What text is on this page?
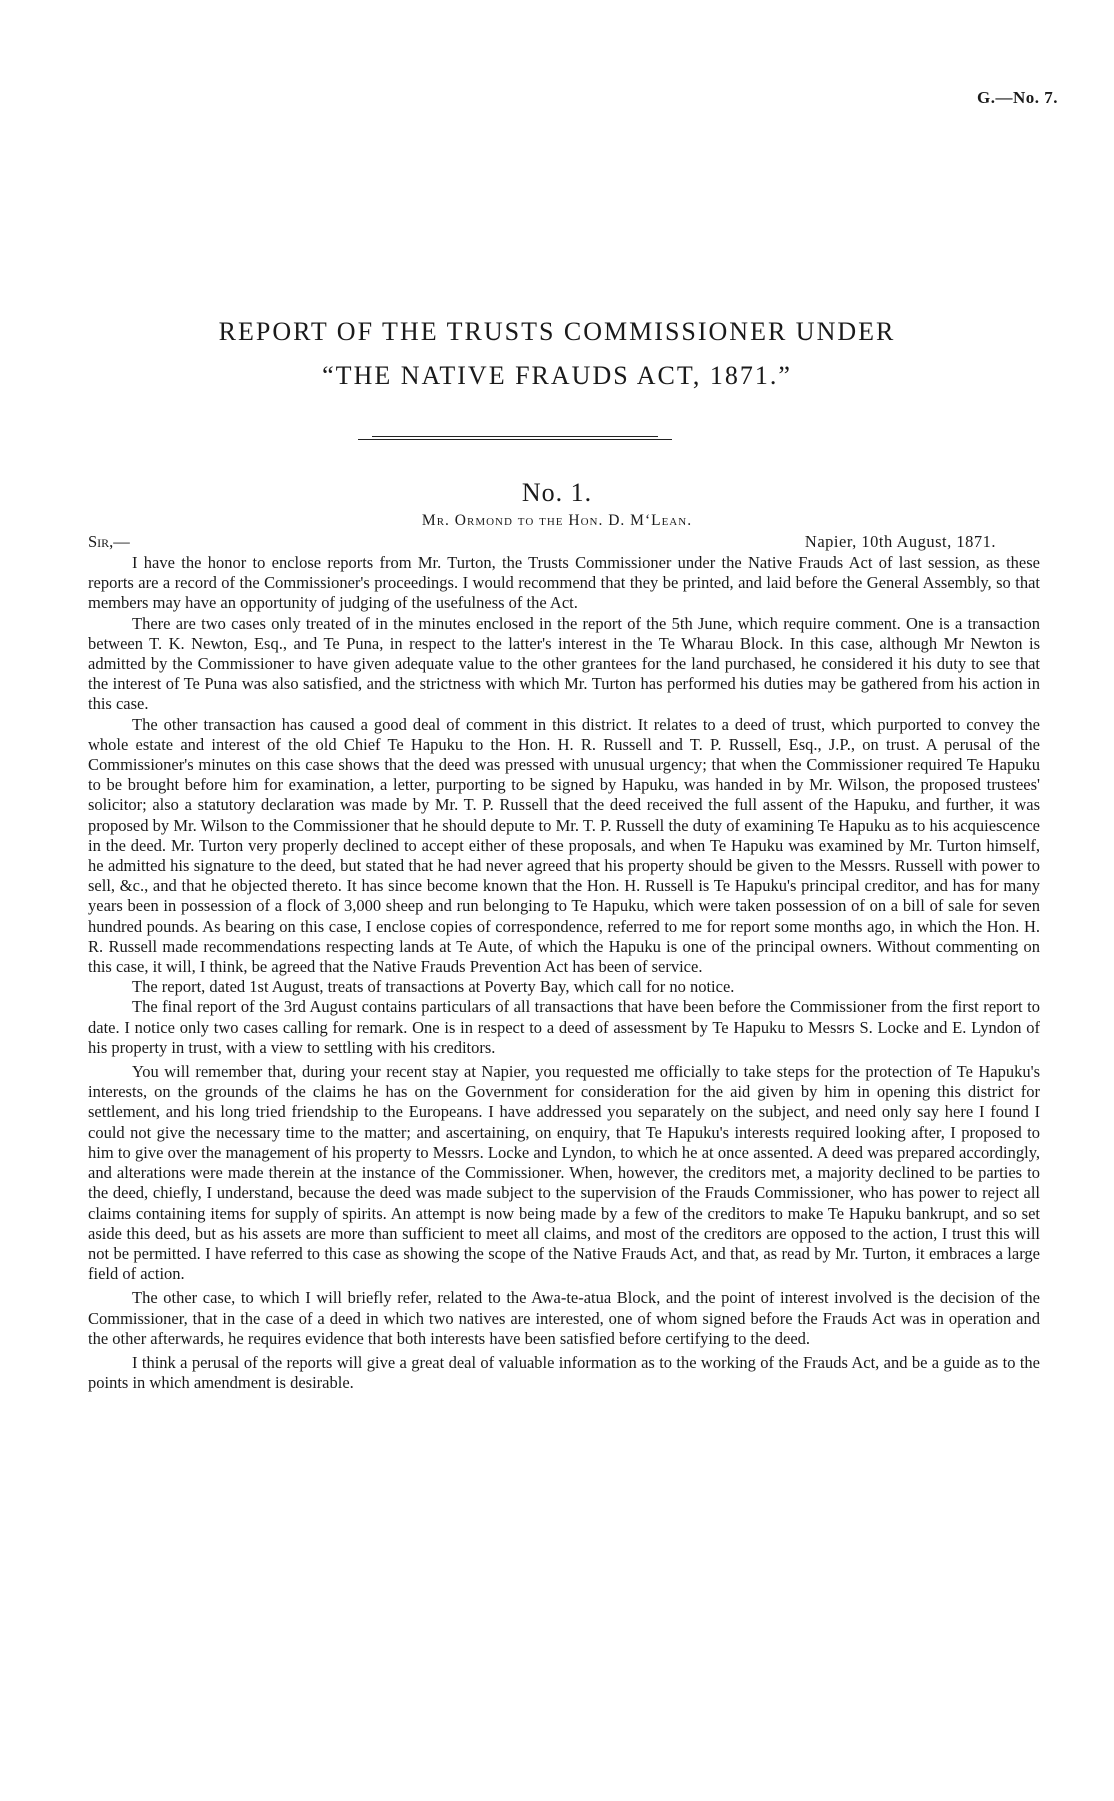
G.—No. 7.
REPORT OF THE TRUSTS COMMISSIONER UNDER
“THE NATIVE FRAUDS ACT, 1871.”
No. 1.
Mr. Ormond to the Hon. D. M‘Lean.
Sir,—	Napier, 10th August, 1871.

I have the honor to enclose reports from Mr. Turton, the Trusts Commissioner under the Native Frauds Act of last session, as these reports are a record of the Commissioner's proceedings. I would recommend that they be printed, and laid before the General Assembly, so that members may have an opportunity of judging of the usefulness of the Act.

There are two cases only treated of in the minutes enclosed in the report of the 5th June, which require comment. One is a transaction between T. K. Newton, Esq., and Te Puna, in respect to the latter's interest in the Te Wharau Block. In this case, although Mr Newton is admitted by the Commissioner to have given adequate value to the other grantees for the land purchased, he considered it his duty to see that the interest of Te Puna was also satisfied, and the strictness with which Mr. Turton has performed his duties may be gathered from his action in this case.

The other transaction has caused a good deal of comment in this district. It relates to a deed of trust, which purported to convey the whole estate and interest of the old Chief Te Hapuku to the Hon. H. R. Russell and T. P. Russell, Esq., J.P., on trust. A perusal of the Commissioner's minutes on this case shows that the deed was pressed with unusual urgency; that when the Commissioner required Te Hapuku to be brought before him for examination, a letter, purporting to be signed by Hapuku, was handed in by Mr. Wilson, the proposed trustees' solicitor; also a statutory declaration was made by Mr. T. P. Russell that the deed received the full assent of the Hapuku, and further, it was proposed by Mr. Wilson to the Commissioner that he should depute to Mr. T. P. Russell the duty of examining Te Hapuku as to his acquiescence in the deed. Mr. Turton very properly declined to accept either of these proposals, and when Te Hapuku was examined by Mr. Turton himself, he admitted his signature to the deed, but stated that he had never agreed that his property should be given to the Messrs. Russell with power to sell, &c., and that he objected thereto. It has since become known that the Hon. H. Russell is Te Hapuku's principal creditor, and has for many years been in possession of a flock of 3,000 sheep and run belonging to Te Hapuku, which were taken possession of on a bill of sale for seven hundred pounds. As bearing on this case, I enclose copies of correspondence, referred to me for report some months ago, in which the Hon. H. R. Russell made recommendations respecting lands at Te Aute, of which the Hapuku is one of the principal owners. Without commenting on this case, it will, I think, be agreed that the Native Frauds Prevention Act has been of service.

The report, dated 1st August, treats of transactions at Poverty Bay, which call for no notice.

The final report of the 3rd August contains particulars of all transactions that have been before the Commissioner from the first report to date. I notice only two cases calling for remark. One is in respect to a deed of assessment by Te Hapuku to Messrs S. Locke and E. Lyndon of his property in trust, with a view to settling with his creditors.

You will remember that, during your recent stay at Napier, you requested me officially to take steps for the protection of Te Hapuku's interests, on the grounds of the claims he has on the Government for consideration for the aid given by him in opening this district for settlement, and his long tried friendship to the Europeans. I have addressed you separately on the subject, and need only say here I found I could not give the necessary time to the matter; and ascertaining, on enquiry, that Te Hapuku's interests required looking after, I proposed to him to give over the management of his property to Messrs. Locke and Lyndon, to which he at once assented. A deed was prepared accordingly, and alterations were made therein at the instance of the Commissioner. When, however, the creditors met, a majority declined to be parties to the deed, chiefly, I understand, because the deed was made subject to the supervision of the Frauds Commissioner, who has power to reject all claims containing items for supply of spirits. An attempt is now being made by a few of the creditors to make Te Hapuku bankrupt, and so set aside this deed, but as his assets are more than sufficient to meet all claims, and most of the creditors are opposed to the action, I trust this will not be permitted. I have referred to this case as showing the scope of the Native Frauds Act, and that, as read by Mr. Turton, it embraces a large field of action.

The other case, to which I will briefly refer, related to the Awa-te-atua Block, and the point of interest involved is the decision of the Commissioner, that in the case of a deed in which two natives are interested, one of whom signed before the Frauds Act was in operation and the other afterwards, he requires evidence that both interests have been satisfied before certifying to the deed.

I think a perusal of the reports will give a great deal of valuable information as to the working of the Frauds Act, and be a guide as to the points in which amendment is desirable.
